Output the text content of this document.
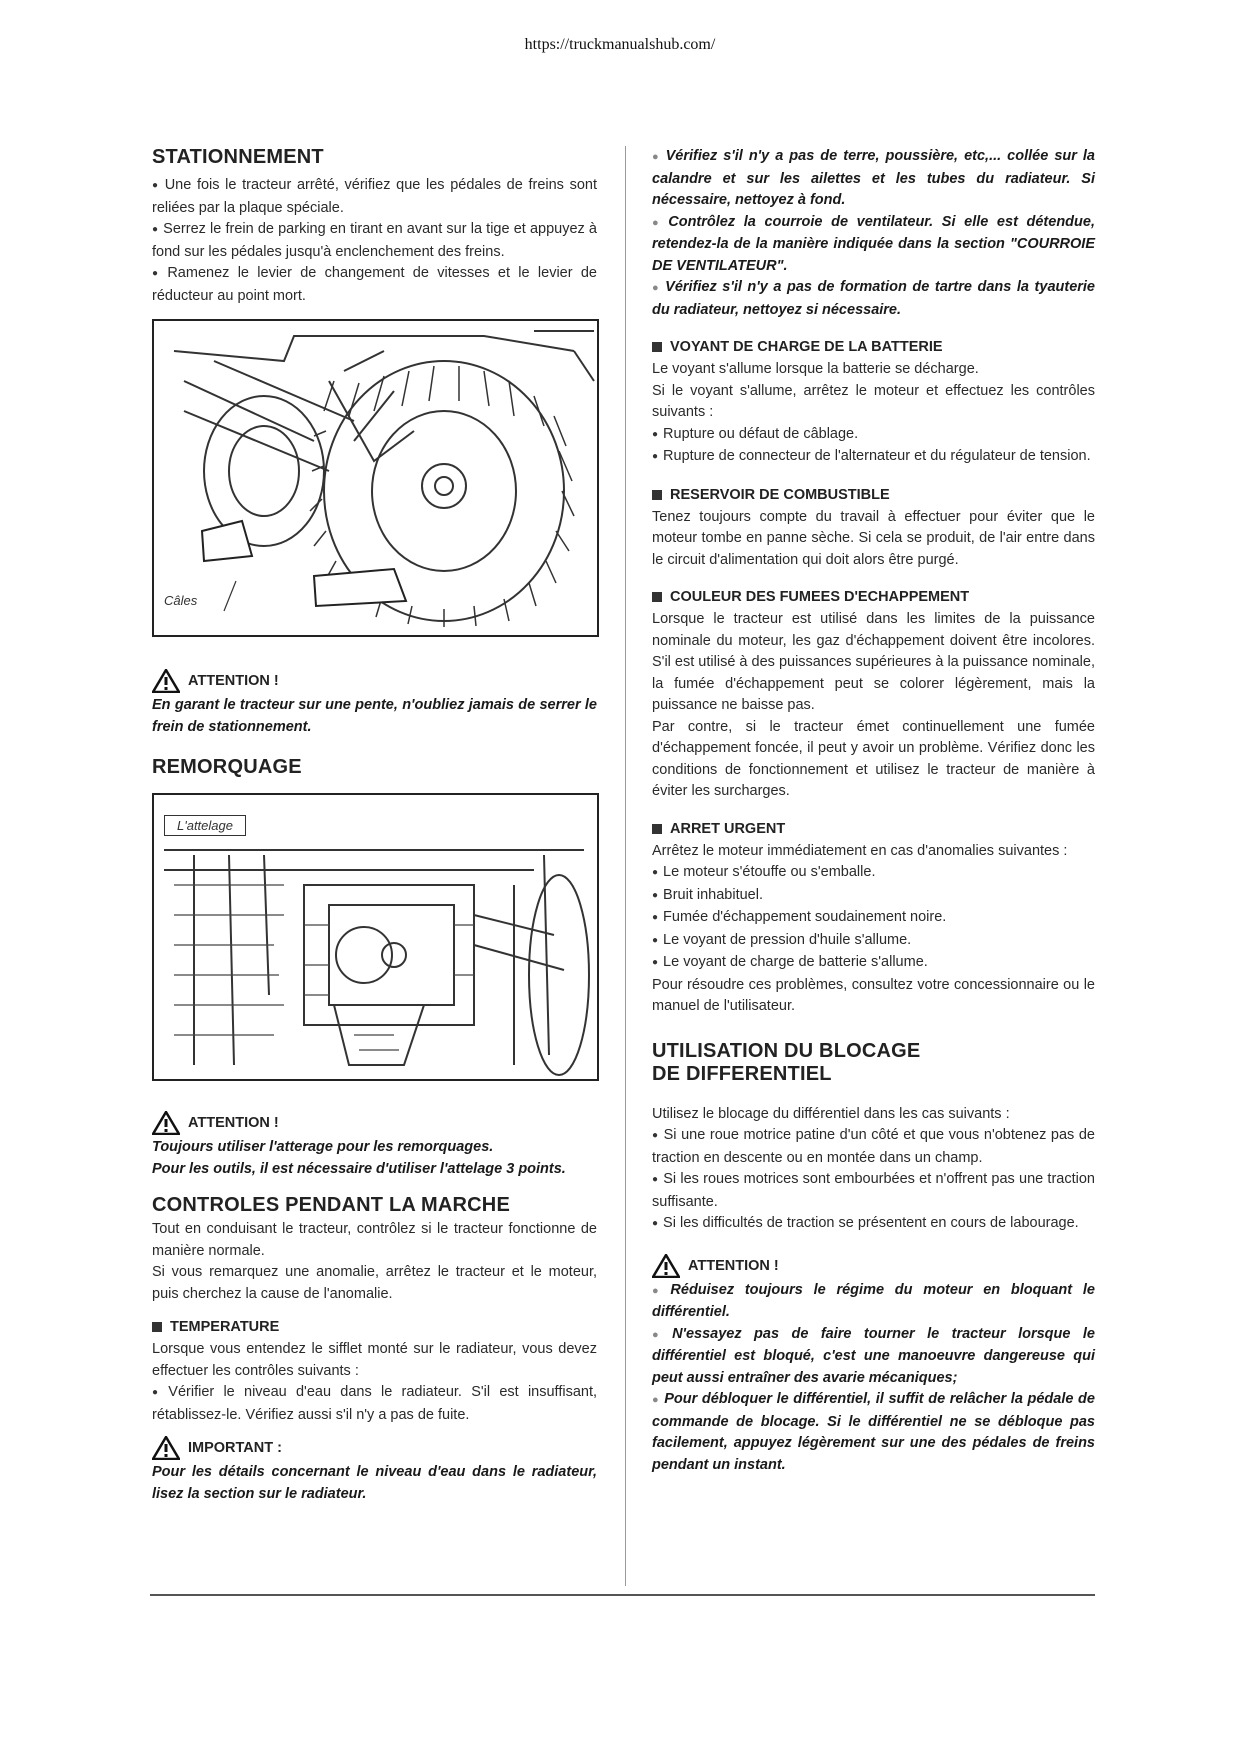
https://truckmanualshub.com/
STATIONNEMENT

● Une fois le tracteur arrêté, vérifiez que les pédales de freins sont reliées par la plaque spéciale.

● Serrez le frein de parking en tirant en avant sur la tige et appuyez à fond sur les pédales jusqu'à enclenchement des freins.

● Ramenez le levier de changement de vitesses et le levier de réducteur au point mort.

Câles
ATTENTION !

En garant le tracteur sur une pente, n'oubliez jamais de serrer le frein de stationnement.

REMORQUAGE
L'attelage
ATTENTION !

Toujours utiliser l'atterage pour les remorquages.

Pour les outils, il est nécessaire d'utiliser l'attelage 3 points.

CONTROLES PENDANT LA MARCHE

Tout en conduisant le tracteur, contrôlez si le tracteur fonctionne de manière normale.

Si vous remarquez une anomalie, arrêtez le tracteur et le moteur, puis cherchez la cause de l'anomalie.

TEMPERATURE

Lorsque vous entendez le sifflet monté sur le radiateur, vous devez effectuer les contrôles suivants :

● Vérifier le niveau d'eau dans le radiateur. S'il est insuffisant, rétablissez-le. Vérifiez aussi s'il n'y a pas de fuite.

IMPORTANT :

Pour les détails concernant le niveau d'eau dans le radiateur, lisez la section sur le radiateur.

● Vérifiez s'il n'y a pas de terre, poussière, etc,... collée sur la calandre et sur les ailettes et les tubes du radiateur. Si nécessaire, nettoyez à fond.

● Contrôlez la courroie de ventilateur. Si elle est détendue, retendez-la de la manière indiquée dans la section "COURROIE DE VENTILATEUR".

● Vérifiez s'il n'y a pas de formation de tartre dans la tyauterie du radiateur, nettoyez si nécessaire.

VOYANT DE CHARGE DE LA BATTERIE

Le voyant s'allume lorsque la batterie se décharge.

Si le voyant s'allume, arrêtez le moteur et effectuez les contrôles suivants :

● Rupture ou défaut de câblage.

● Rupture de connecteur de l'alternateur et du régulateur de tension.

RESERVOIR DE COMBUSTIBLE

Tenez toujours compte du travail à effectuer pour éviter que le moteur tombe en panne sèche. Si cela se produit, de l'air entre dans le circuit d'alimentation qui doit alors être purgé.

COULEUR DES FUMEES D'ECHAPPEMENT

Lorsque le tracteur est utilisé dans les limites de la puissance nominale du moteur, les gaz d'échappement doivent être incolores. S'il est utilisé à des puissances supérieures à la puissance nominale, la fumée d'échappement peut se colorer légèrement, mais la puissance ne baisse pas.

Par contre, si le tracteur émet continuellement une fumée d'échappement foncée, il peut y avoir un problème. Vérifiez donc les conditions de fonctionnement et utilisez le tracteur de manière à éviter les surcharges.

ARRET URGENT

Arrêtez le moteur immédiatement en cas d'anomalies suivantes :

● Le moteur s'étouffe ou s'emballe.

● Bruit inhabituel.

● Fumée d'échappement soudainement noire.

● Le voyant de pression d'huile s'allume.

● Le voyant de charge de batterie s'allume.

Pour résoudre ces problèmes, consultez votre concessionnaire ou le manuel de l'utilisateur.

UTILISATION DU BLOCAGE
DE DIFFERENTIEL

Utilisez le blocage du différentiel dans les cas suivants :

● Si une roue motrice patine d'un côté et que vous n'obtenez pas de traction en descente ou en montée dans un champ.

● Si les roues motrices sont embourbées et n'offrent pas une traction suffisante.

● Si les difficultés de traction se présentent en cours de labourage.

ATTENTION !

● Réduisez toujours le régime du moteur en bloquant le différentiel.

● N'essayez pas de faire tourner le tracteur lorsque le différentiel est bloqué, c'est une manoeuvre dangereuse qui peut aussi entraîner des avarie mécaniques;

● Pour débloquer le différentiel, il suffit de relâcher la pédale de commande de blocage. Si le différentiel ne se débloque pas facilement, appuyez légèrement sur une des pédales de freins pendant un instant.
